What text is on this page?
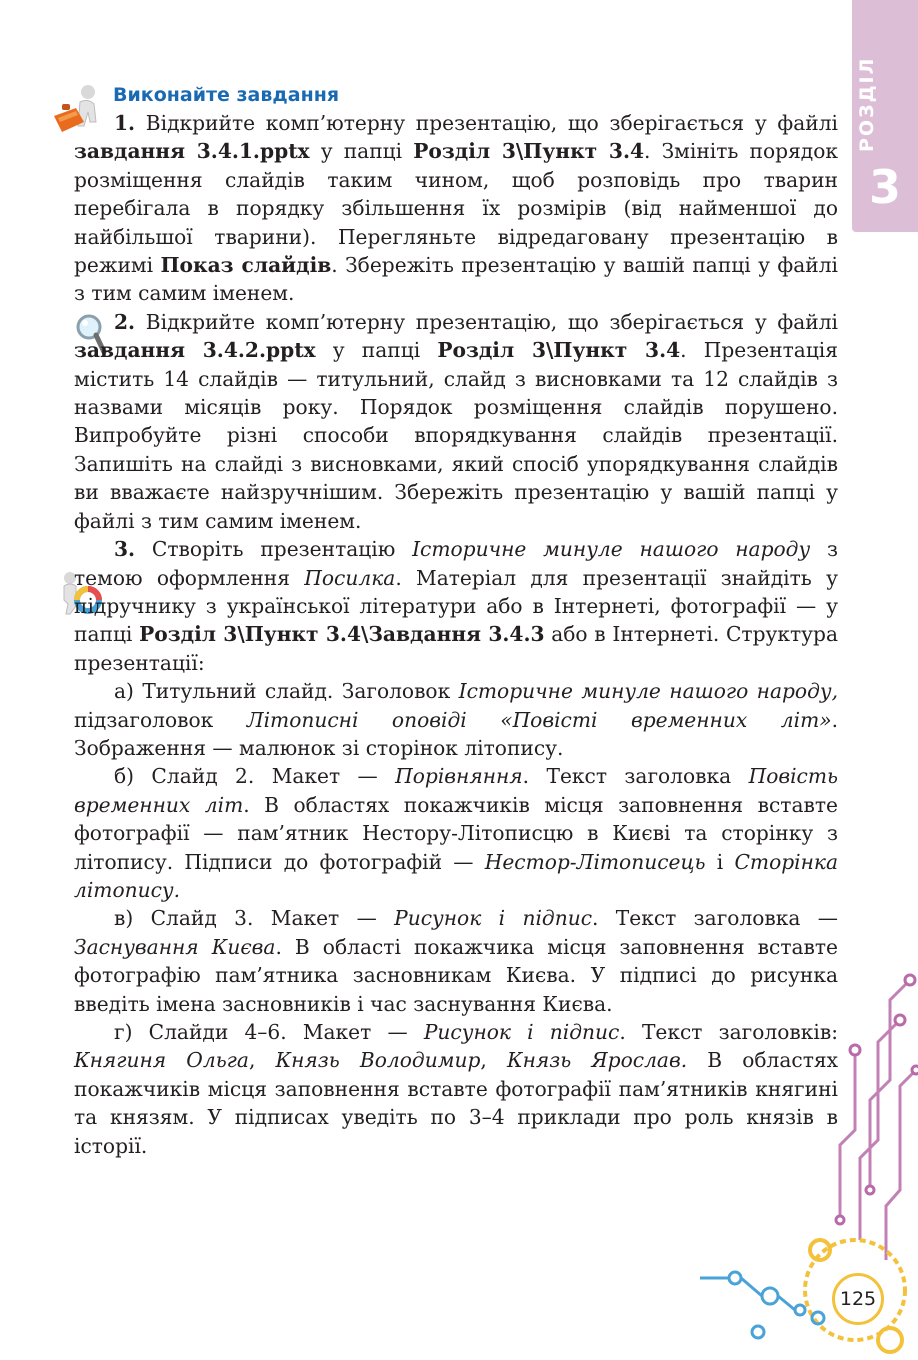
РОЗДІЛ
3
Виконайте завдання

1. Відкрийте комп’ютерну презентацію, що зберігається у файлі завдання 3.4.1.pptx у папці Розділ 3\Пункт 3.4. Змініть порядок розміщення слайдів таким чином, щоб розповідь про тварин перебігала в порядку збільшення їх розмірів (від найменшої до найбільшої тварини). Перегляньте відредаговану презентацію в режимі Показ слайдів. Збережіть презентацію у вашій папці у файлі з тим самим іменем.

2. Відкрийте комп’ютерну презентацію, що зберігається у файлі завдання 3.4.2.pptx у папці Розділ 3\Пункт 3.4. Презентація містить 14 слайдів — титульний, слайд з висновками та 12 слайдів з назвами місяців року. Порядок розміщення слайдів порушено. Випробуйте різні способи впорядкування слайдів презентації. Запишіть на слайді з висновками, який спосіб упорядкування слайдів ви вважаєте найзручнішим. Збережіть презентацію у вашій папці у файлі з тим самим іменем.

3. Створіть презентацію Історичне минуле нашого народу з темою оформлення Посилка. Матеріал для презентації знайдіть у підручнику з української літератури або в Інтернеті, фотографії — у папці Розділ 3\Пункт 3.4\Завдання 3.4.3 або в Інтернеті. Структура презентації:

а) Титульний слайд. Заголовок Історичне минуле нашого народу, підзаголовок Літописні оповіді «Повісті временних літ». Зображення — малюнок зі сторінок літопису.

б) Слайд 2. Макет — Порівняння. Текст заголовка Повість временних літ. В областях покажчиків місця заповнення вставте фотографії — пам’ятник Нестору-Літописцю в Києві та сторінку з літопису. Підписи до фотографій — Нестор-Літописець і Сторінка літопису.

в) Слайд 3. Макет — Рисунок і підпис. Текст заголовка — Заснування Києва. В області покажчика місця заповнення вставте фотографію пам’ятника засновникам Києва. У підписі до рисунка введіть імена засновників і час заснування Києва.

г) Слайди 4–6. Макет — Рисунок і підпис. Текст заголовків: Княгиня Ольга, Князь Володимир, Князь Ярослав. В областях покажчиків місця заповнення вставте фотографії пам’ятників княгині та князям. У підписах уведіть по 3–4 приклади про роль князів в історії.

125
